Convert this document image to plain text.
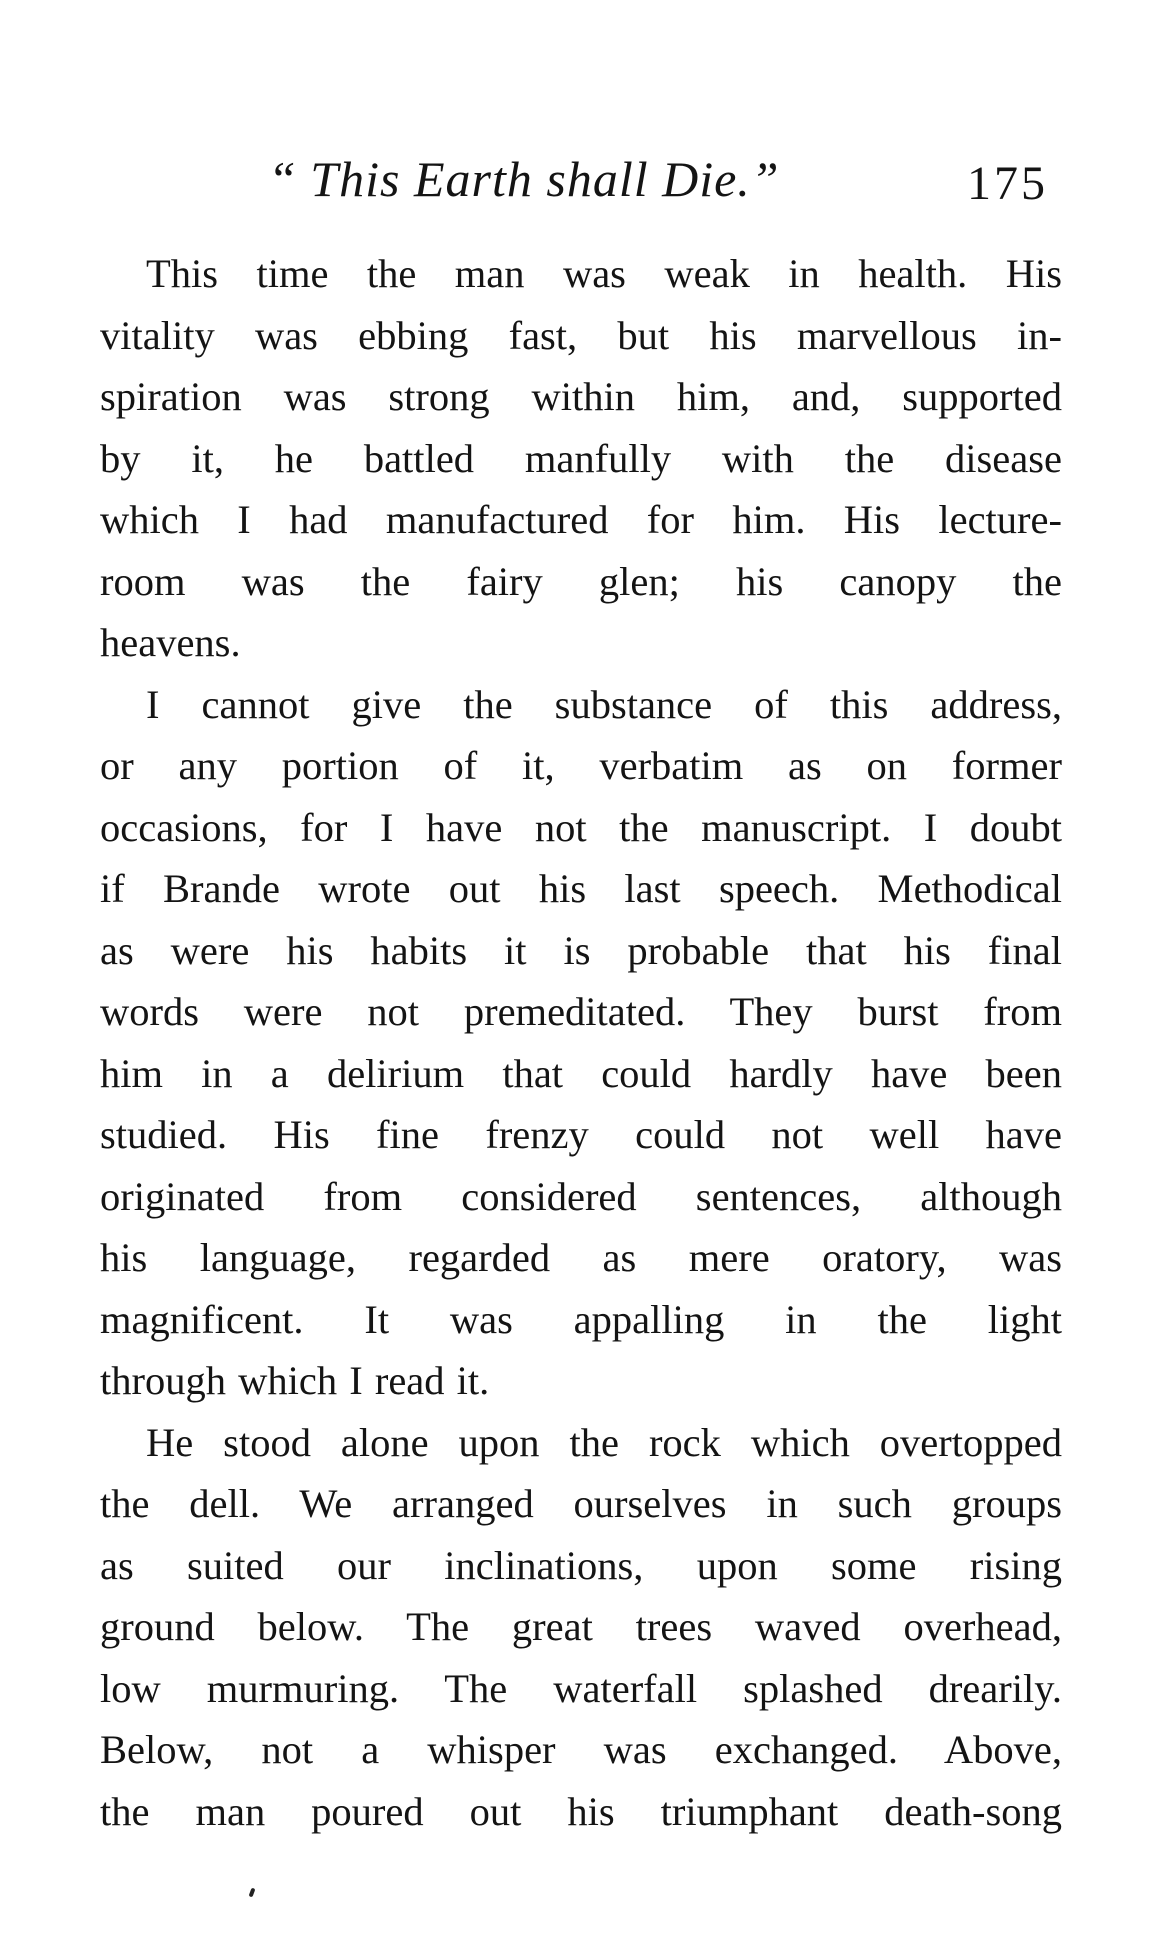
“ This Earth shall Die.”	175
This time the man was weak in health. His
vitality was ebbing fast, but his marvellous in-
spiration was strong within him, and, supported
by it, he battled manfully with the disease
which I had manufactured for him. His lecture-
room was the fairy glen; his canopy the
heavens.
I cannot give the substance of this address,
or any portion of it, verbatim as on former
occasions, for I have not the manuscript. I doubt
if Brande wrote out his last speech. Methodical
as were his habits it is probable that his final
words were not premeditated. They burst from
him in a delirium that could hardly have been
studied. His fine frenzy could not well have
originated from considered sentences, although
his language, regarded as mere oratory, was
magnificent. It was appalling in the light
through which I read it.
He stood alone upon the rock which overtopped
the dell. We arranged ourselves in such groups
as suited our inclinations, upon some rising
ground below. The great trees waved overhead,
low murmuring. The waterfall splashed drearily.
Below, not a whisper was exchanged. Above,
the man poured out his triumphant death-song
